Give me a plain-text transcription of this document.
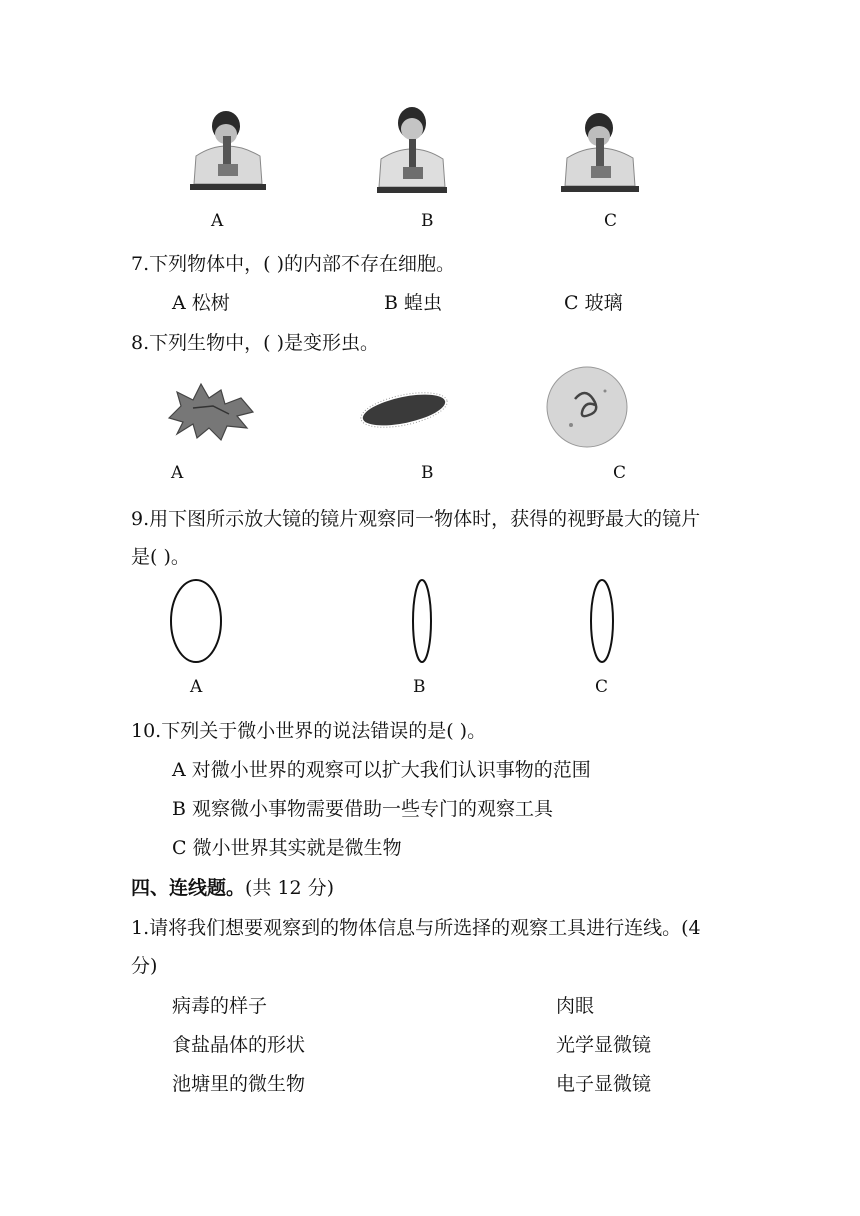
A	B	C
7.下列物体中，( )的内部不存在细胞。
A 松树	B 蝗虫	C 玻璃
8.下列生物中，( )是变形虫。
A	B	C
9.用下图所示放大镜的镜片观察同一物体时，获得的视野最大的镜片
是( )。
A	B	C
10.下列关于微小世界的说法错误的是( )。
A 对微小世界的观察可以扩大我们认识事物的范围
B 观察微小事物需要借助一些专门的观察工具
C 微小世界其实就是微生物
四、连线题。(共 12 分)
1.请将我们想要观察到的物体信息与所选择的观察工具进行连线。(4
分)
病毒的样子
食盐晶体的形状
池塘里的微生物
肉眼
光学显微镜
电子显微镜
